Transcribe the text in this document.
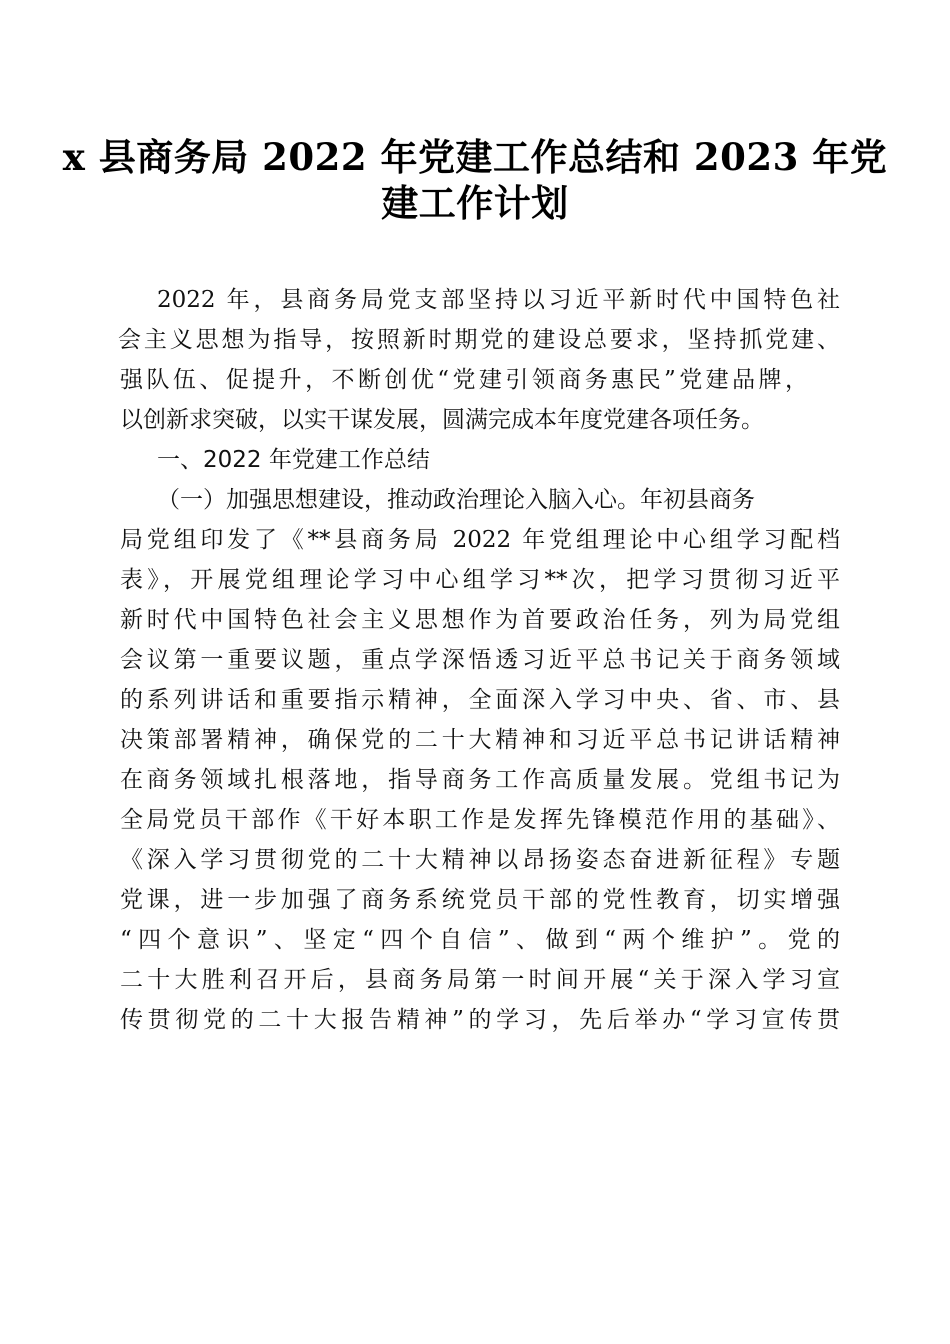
x 县商务局 2022 年党建工作总结和 2023 年党
建工作计划
2022 年，县商务局党支部坚持以习近平新时代中国特色社
会主义思想为指导，按照新时期党的建设总要求，坚持抓党建、
强队伍、促提升，不断创优“党建引领商务惠民”党建品牌，
以创新求突破，以实干谋发展，圆满完成本年度党建各项任务。
一、2022 年党建工作总结
（一）加强思想建设，推动政治理论入脑入心。年初县商务
局党组印发了《**县商务局 2022 年党组理论中心组学习配档
表》，开展党组理论学习中心组学习**次，把学习贯彻习近平
新时代中国特色社会主义思想作为首要政治任务，列为局党组
会议第一重要议题，重点学深悟透习近平总书记关于商务领域
的系列讲话和重要指示精神，全面深入学习中央、省、市、县
决策部署精神，确保党的二十大精神和习近平总书记讲话精神
在商务领域扎根落地，指导商务工作高质量发展。党组书记为
全局党员干部作《干好本职工作是发挥先锋模范作用的基础》、
《深入学习贯彻党的二十大精神以昂扬姿态奋进新征程》专题
党课，进一步加强了商务系统党员干部的党性教育，切实增强
“四个意识”、坚定“四个自信”、做到“两个维护”。党的
二十大胜利召开后，县商务局第一时间开展“关于深入学习宣
传贯彻党的二十大报告精神”的学习，先后举办“学习宣传贯
